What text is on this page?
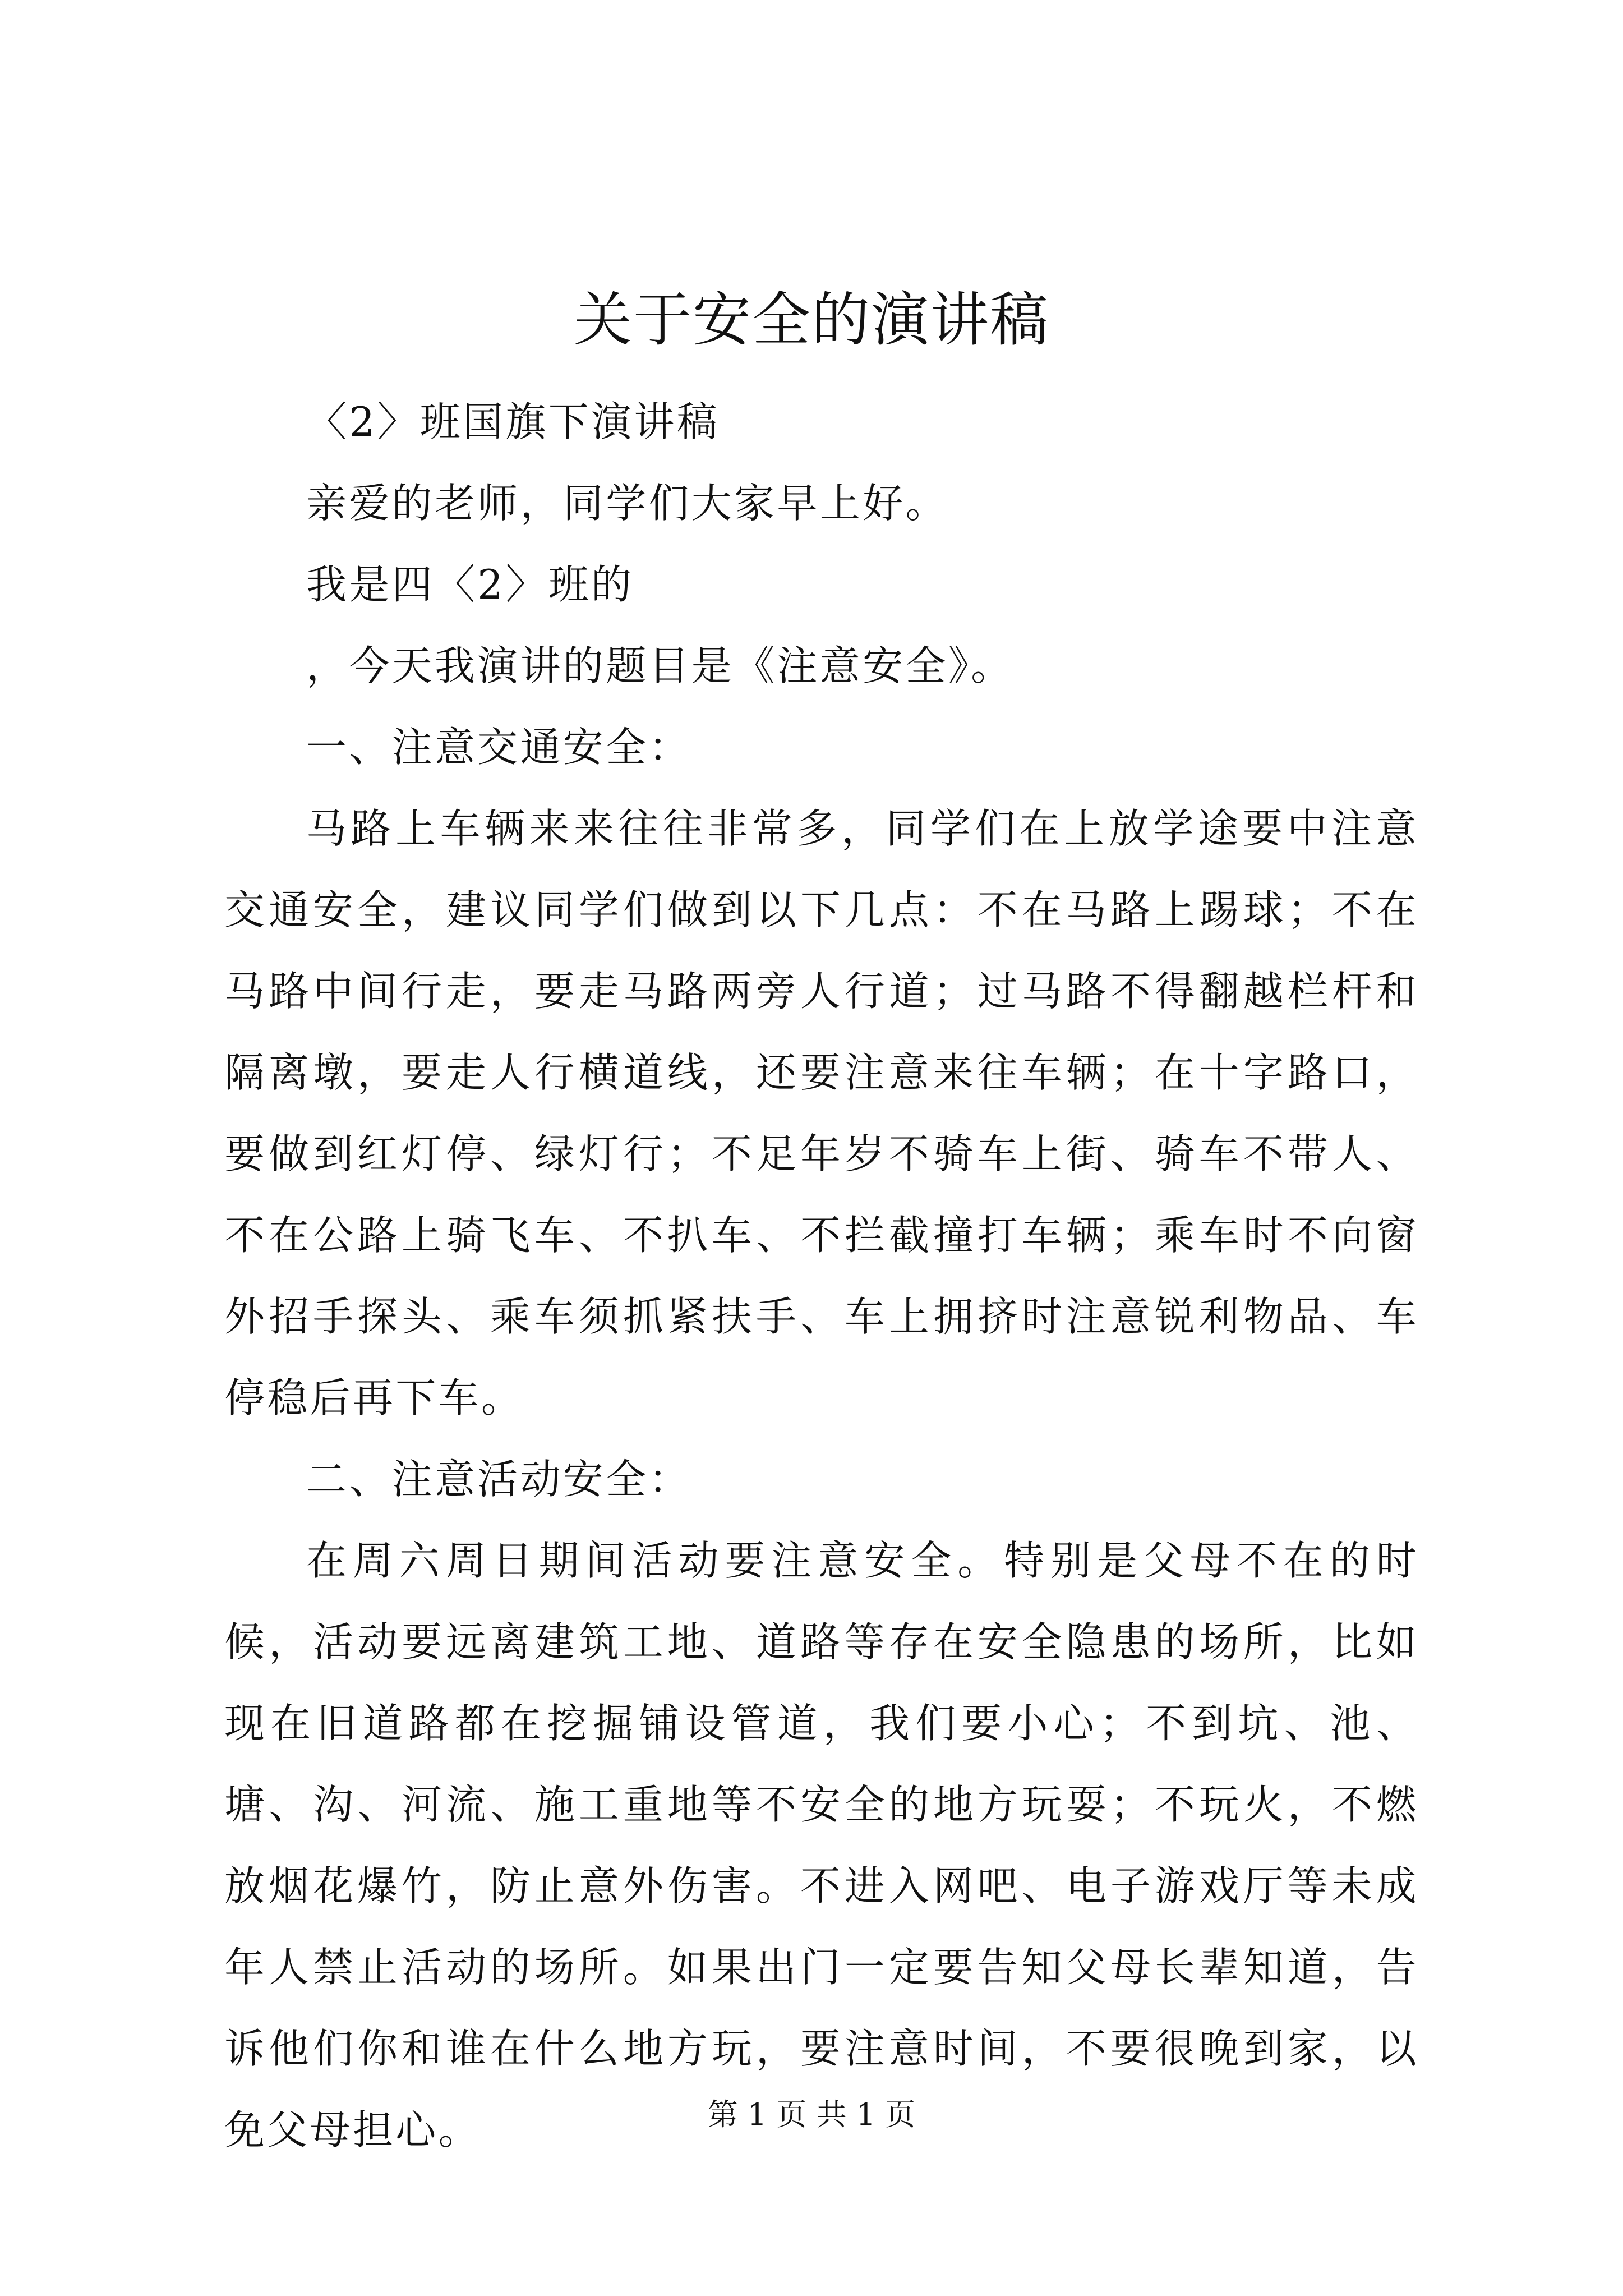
关于安全的演讲稿

〈2〉班国旗下演讲稿

亲爱的老师，同学们大家早上好。

我是四〈2〉班的

，今天我演讲的题目是《注意安全》。

一、注意交通安全：

马路上车辆来来往往非常多，同学们在上放学途要中注意交通安全，建议同学们做到以下几点：不在马路上踢球；不在马路中间行走，要走马路两旁人行道；过马路不得翻越栏杆和隔离墩，要走人行横道线，还要注意来往车辆；在十字路口，要做到红灯停、绿灯行；不足年岁不骑车上街、骑车不带人、不在公路上骑飞车、不扒车、不拦截撞打车辆；乘车时不向窗外招手探头、乘车须抓紧扶手、车上拥挤时注意锐利物品、车停稳后再下车。

二、注意活动安全：

在周六周日期间活动要注意安全。特别是父母不在的时候，活动要远离建筑工地、道路等存在安全隐患的场所，比如现在旧道路都在挖掘铺设管道，我们要小心；不到坑、池、塘、沟、河流、施工重地等不安全的地方玩耍；不玩火，不燃放烟花爆竹，防止意外伤害。不进入网吧、电子游戏厅等未成年人禁止活动的场所。如果出门一定要告知父母长辈知道，告诉他们你和谁在什么地方玩，要注意时间，不要很晚到家，以免父母担心。	第 1 页 共 1 页
